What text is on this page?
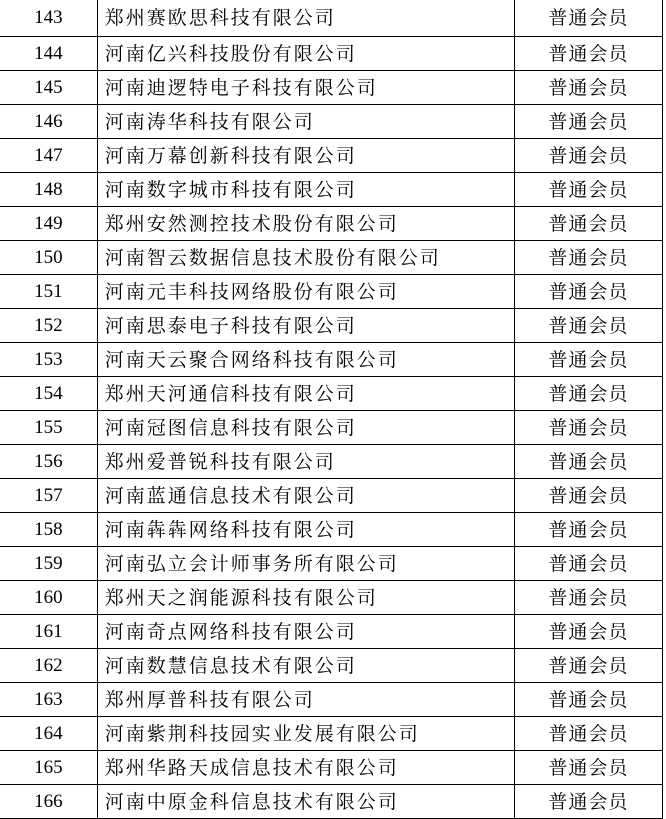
143	郑州赛欧思科技有限公司	普通会员
144	河南亿兴科技股份有限公司	普通会员
145	河南迪逻特电子科技有限公司	普通会员
146	河南涛华科技有限公司	普通会员
147	河南万幕创新科技有限公司	普通会员
148	河南数字城市科技有限公司	普通会员
149	郑州安然测控技术股份有限公司	普通会员
150	河南智云数据信息技术股份有限公司	普通会员
151	河南元丰科技网络股份有限公司	普通会员
152	河南思泰电子科技有限公司	普通会员
153	河南天云聚合网络科技有限公司	普通会员
154	郑州天河通信科技有限公司	普通会员
155	河南冠图信息科技有限公司	普通会员
156	郑州爱普锐科技有限公司	普通会员
157	河南蓝通信息技术有限公司	普通会员
158	河南犇犇网络科技有限公司	普通会员
159	河南弘立会计师事务所有限公司	普通会员
160	郑州天之润能源科技有限公司	普通会员
161	河南奇点网络科技有限公司	普通会员
162	河南数慧信息技术有限公司	普通会员
163	郑州厚普科技有限公司	普通会员
164	河南紫荆科技园实业发展有限公司	普通会员
165	郑州华路天成信息技术有限公司	普通会员
166	河南中原金科信息技术有限公司	普通会员
